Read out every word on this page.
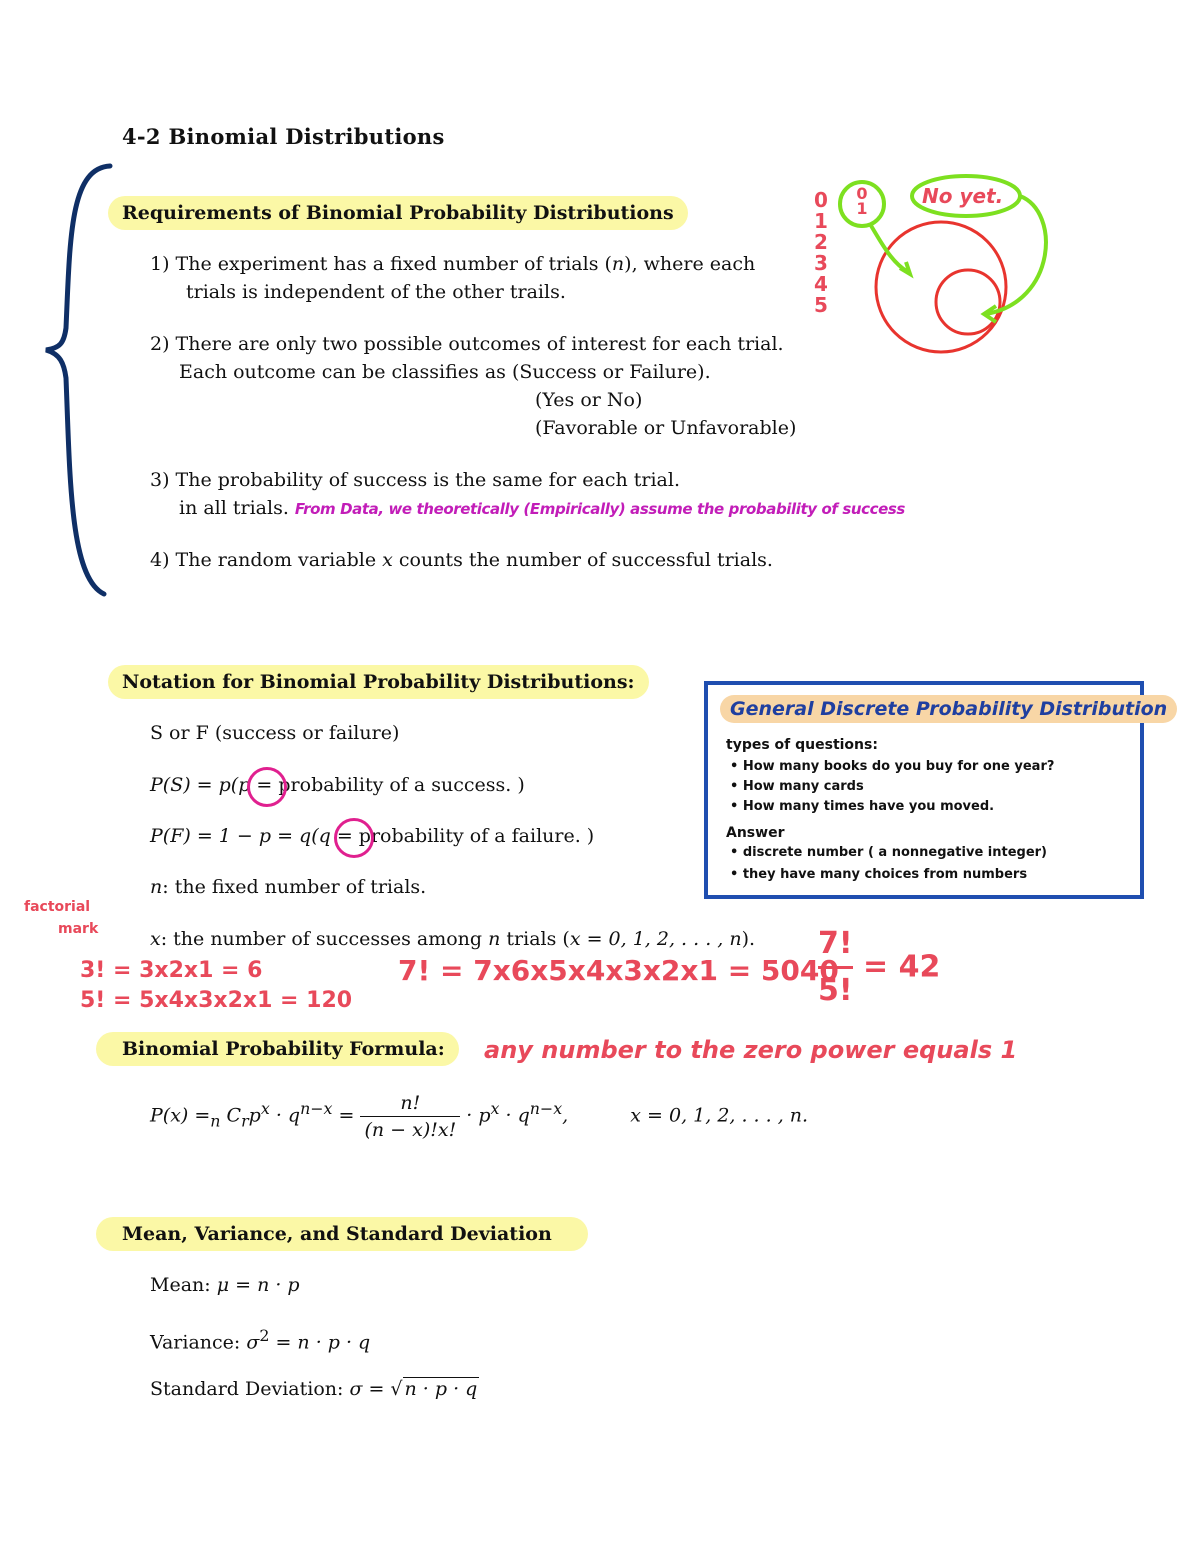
4-2 Binomial Distributions
Requirements of Binomial Probability Distributions
1) The experiment has a fixed number of trials (n), where each
trials is independent of the other trails.
2) There are only two possible outcomes of interest for each trial.
Each outcome can be classifies as (Success or Failure).
(Yes or No)
(Favorable or Unfavorable)
3) The probability of success is the same for each trial.
in all trials. From Data, we theoretically (Empirically) assume the probability of success
4) The random variable x counts the number of successful trials.
0
1
2
3
4
5
0
1
No yet.
Notation for Binomial Probability Distributions:
S or F (success or failure)
P(S) = p(p = probability of a success. )
P(F) = 1 − p = q(q = probability of a failure. )
n: the fixed number of trials.
x: the number of successes among n trials (x = 0, 1, 2, . . . , n).
General Discrete Probability Distribution
types of questions:
• How many books do you buy for one year?
• How many cards
• How many times have you moved.
Answer
• discrete number ( a nonnegative integer)
• they have many choices from numbers
factorial
mark
3! = 3x2x1 = 6
5! = 5x4x3x2x1 = 120
7! = 7x6x5x4x3x2x1 = 5040
$\frac{7!}{5!} = 42$
Binomial Probability Formula:	any number to the zero power equals 1
$P(x) =_n$ $C_rp^x \cdot q^{n-x} = \frac{n!}{(n - x)!x!} \cdot p^x \cdot q^{n-x}$,	x = 0, 1, 2, . . . , n.
Mean, Variance, and Standard Deviation
Mean: μ = n · p
Variance: $\sigma^2 = n \cdot p \cdot q$
Standard Deviation: σ = √ n · p · q
